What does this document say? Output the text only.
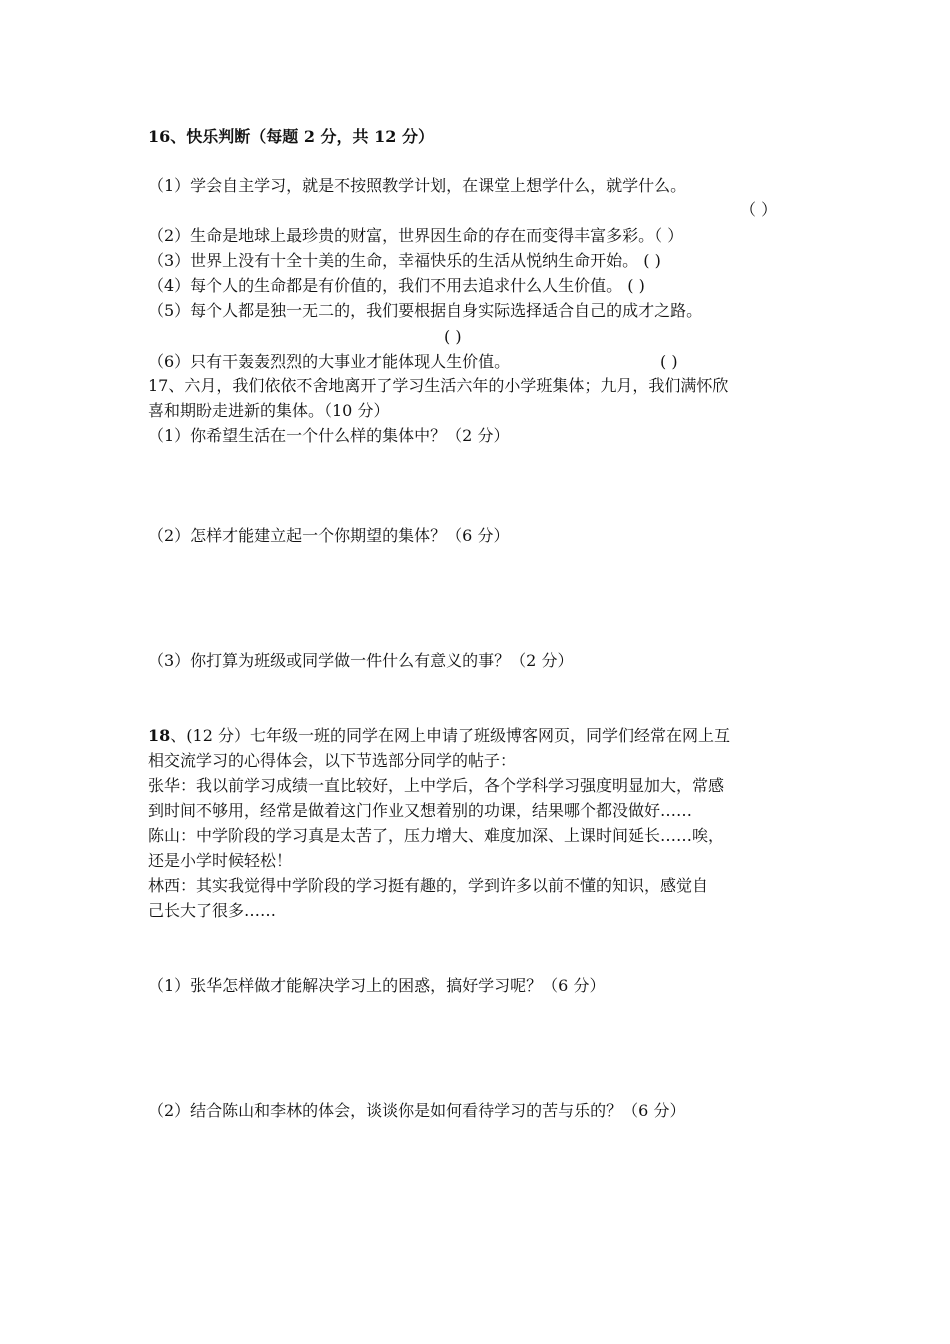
16、快乐判断（每题 2 分，共 12 分）
（1）学会自主学习，就是不按照教学计划，在课堂上想学什么，就学什么。
（ ）
（2）生命是地球上最珍贵的财富，世界因生命的存在而变得丰富多彩。（ ）
（3）世界上没有十全十美的生命，幸福快乐的生活从悦纳生命开始。 ( )
（4）每个人的生命都是有价值的，我们不用去追求什么人生价值。 ( )
（5）每个人都是独一无二的，我们要根据自身实际选择适合自己的成才之路。
( )
（6）只有干轰轰烈烈的大事业才能体现人生价值。	( )
17、六月，我们依依不舍地离开了学习生活六年的小学班集体；九月，我们满怀欣
喜和期盼走进新的集体。（10 分）
（1）你希望生活在一个什么样的集体中？（2 分）
（2）怎样才能建立起一个你期望的集体？（6 分）
（3）你打算为班级或同学做一件什么有意义的事？（2 分）
18、(12 分）七年级一班的同学在网上申请了班级博客网页，同学们经常在网上互
相交流学习的心得体会，以下节选部分同学的帖子：
张华：我以前学习成绩一直比较好，上中学后，各个学科学习强度明显加大，常感
到时间不够用，经常是做着这门作业又想着别的功课，结果哪个都没做好……
陈山：中学阶段的学习真是太苦了，压力增大、难度加深、上课时间延长……唉，
还是小学时候轻松！
林西：其实我觉得中学阶段的学习挺有趣的，学到许多以前不懂的知识，感觉自
己长大了很多……
（1）张华怎样做才能解决学习上的困惑，搞好学习呢？（6 分）
（2）结合陈山和李林的体会，谈谈你是如何看待学习的苦与乐的？（6 分）
